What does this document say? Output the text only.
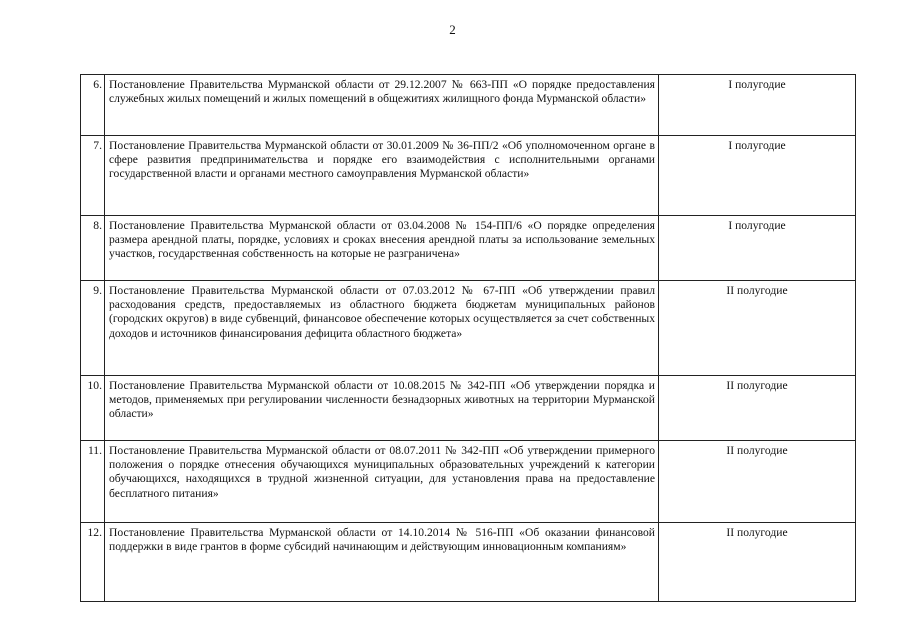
2
6.	Постановление Правительства Мурманской области от 29.12.2007 № 663-ПП «О порядке предоставления служебных жилых помещений и жилых помещений в общежитиях жилищного фонда Мурманской области»	I полугодие
7.	Постановление Правительства Мурманской области от 30.01.2009 № 36-ПП/2 «Об уполномоченном органе в сфере развития предпринимательства и порядке его взаимодействия с исполнительными органами государственной власти и органами местного самоуправления Мурманской области»	I полугодие
8.	Постановление Правительства Мурманской области от 03.04.2008 № 154-ПП/6 «О порядке определения размера арендной платы, порядке, условиях и сроках внесения арендной платы за использование земельных участков, государственная собственность на которые не разграничена»	I полугодие
9.	Постановление Правительства Мурманской области от 07.03.2012 № 67-ПП «Об утверждении правил расходования средств, предоставляемых из областного бюджета бюджетам муниципальных районов (городских округов) в виде субвенций, финансовое обеспечение которых осуществляется за счет собственных доходов и источников финансирования дефицита областного бюджета»	II полугодие
10.	Постановление Правительства Мурманской области от 10.08.2015 № 342-ПП «Об утверждении порядка и методов, применяемых при регулировании численности безнадзорных животных на территории Мурманской области»	II полугодие
11.	Постановление Правительства Мурманской области от 08.07.2011 № 342-ПП «Об утверждении примерного положения о порядке отнесения обучающихся муниципальных образовательных учреждений к категории обучающихся, находящихся в трудной жизненной ситуации, для установления права на предоставление бесплатного питания»	II полугодие
12.	Постановление Правительства Мурманской области от 14.10.2014 № 516-ПП «Об оказании финансовой поддержки в виде грантов в форме субсидий начинающим и действующим инновационным компаниям»	II полугодие
